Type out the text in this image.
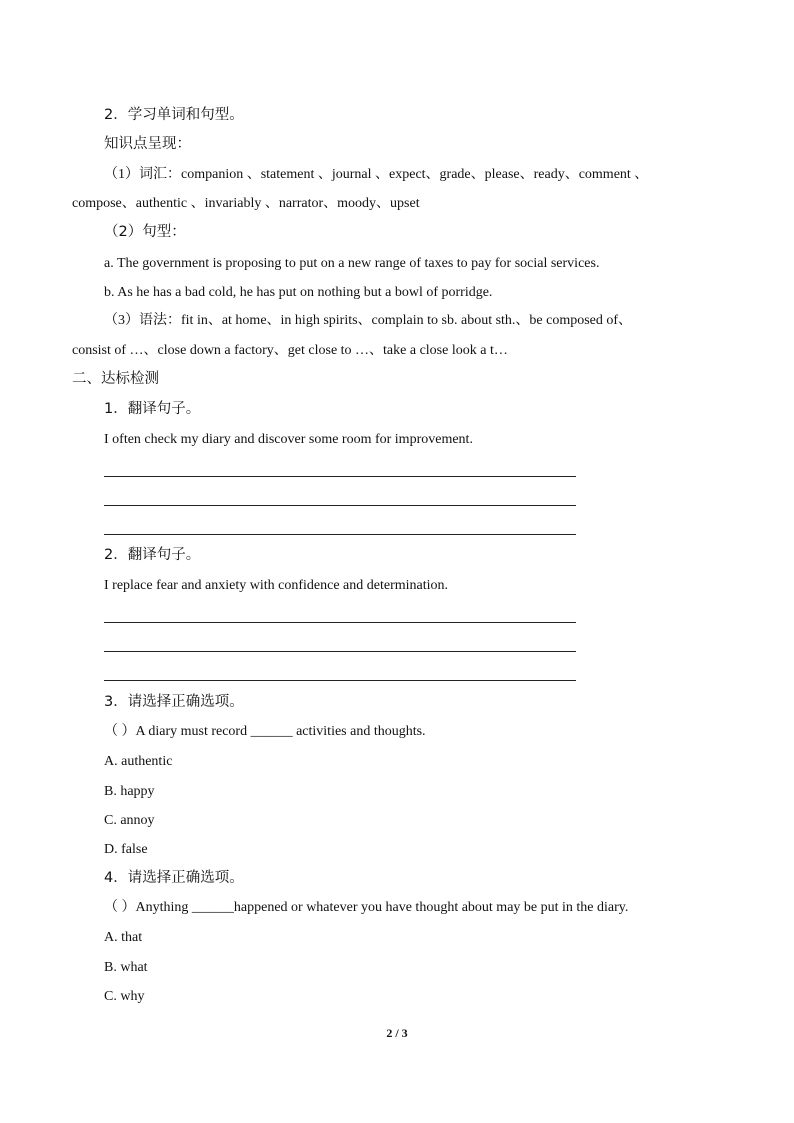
2．学习单词和句型。
知识点呈现：
（1）词汇：companion 、statement 、journal 、expect、grade、please、ready、comment 、
compose、authentic 、invariably 、narrator、moody、upset
（2）句型：
a. The government is proposing to put on a new range of taxes to pay for social services.
b. As he has a bad cold, he has put on nothing but a bowl of porridge.
（3）语法：fit in、at home、in high spirits、complain to sb. about sth.、be composed of、
consist of …、close down a factory、get close to …、take a close look a t…
二、达标检测
1．翻译句子。
I often check my diary and discover some room for improvement.
2．翻译句子。
I replace fear and anxiety with confidence and determination.
3．请选择正确选项。
（ ）A diary must record ______ activities and thoughts.
A. authentic
B. happy
C. annoy
D. false
4．请选择正确选项。
（ ）Anything ______happened or whatever you have thought about may be put in the diary.
A. that
B. what
C. why
2 / 3
